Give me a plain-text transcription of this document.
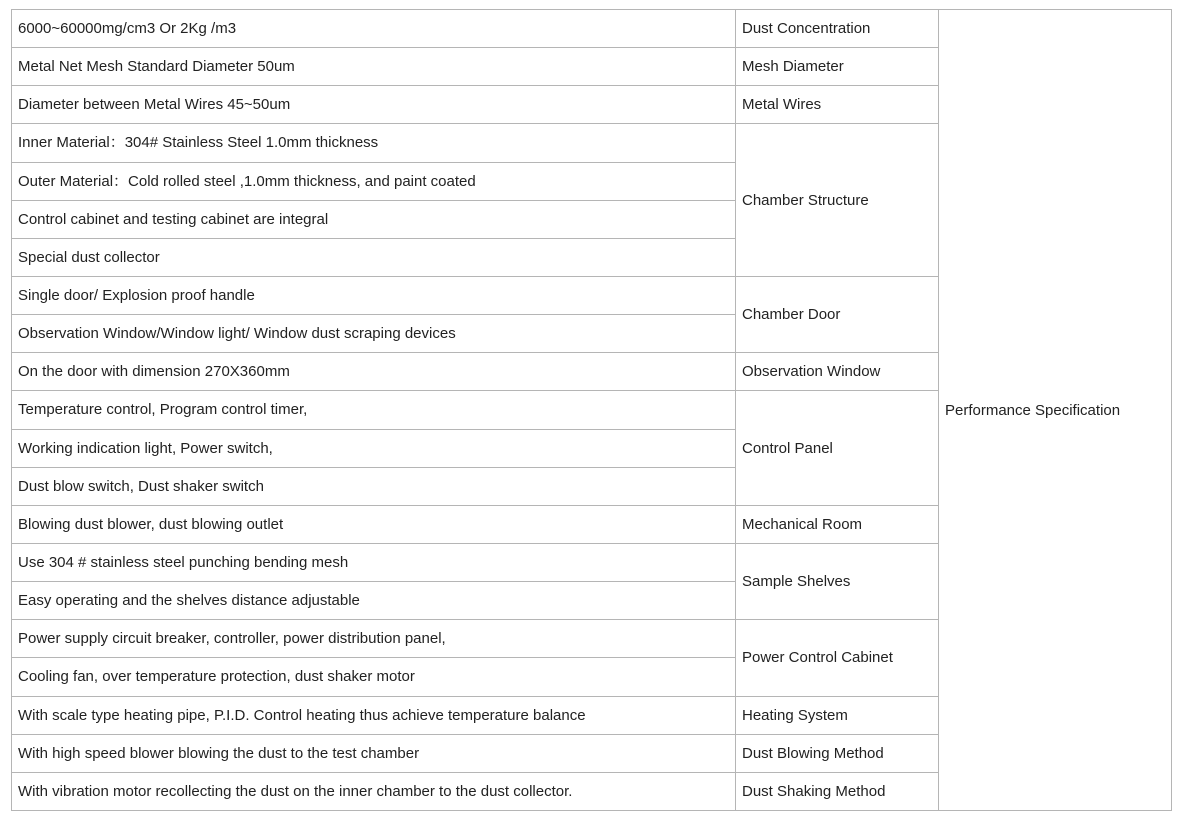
6000~60000mg/cm3 Or 2Kg /m3	Dust Concentration	Performance Specification
Metal Net Mesh Standard Diameter 50um	Mesh Diameter	
Diameter between Metal Wires 45~50um	Metal Wires	
Inner Material：304# Stainless Steel 1.0mm thickness	Chamber Structure	
Outer Material：Cold rolled steel ,1.0mm thickness, and paint coated		
Control cabinet and testing cabinet are integral		
Special dust collector		
Single door/ Explosion proof handle	Chamber Door	
Observation Window/Window light/ Window dust scraping devices		
On the door with dimension 270X360mm	Observation Window	
Temperature control, Program control timer,	Control Panel	
Working indication light, Power switch,		
Dust blow switch, Dust shaker switch		
Blowing dust blower, dust blowing outlet	Mechanical Room	
Use 304 # stainless steel punching bending mesh	Sample Shelves	
Easy operating and the shelves distance adjustable		
Power supply circuit breaker, controller, power distribution panel,	Power Control Cabinet	
Cooling fan, over temperature protection, dust shaker motor		
With scale type heating pipe, P.I.D. Control heating thus achieve temperature balance	Heating System	
With high speed blower blowing the dust to the test chamber	Dust Blowing Method	
With vibration motor recollecting the dust on the inner chamber to the dust collector.	Dust Shaking Method	
